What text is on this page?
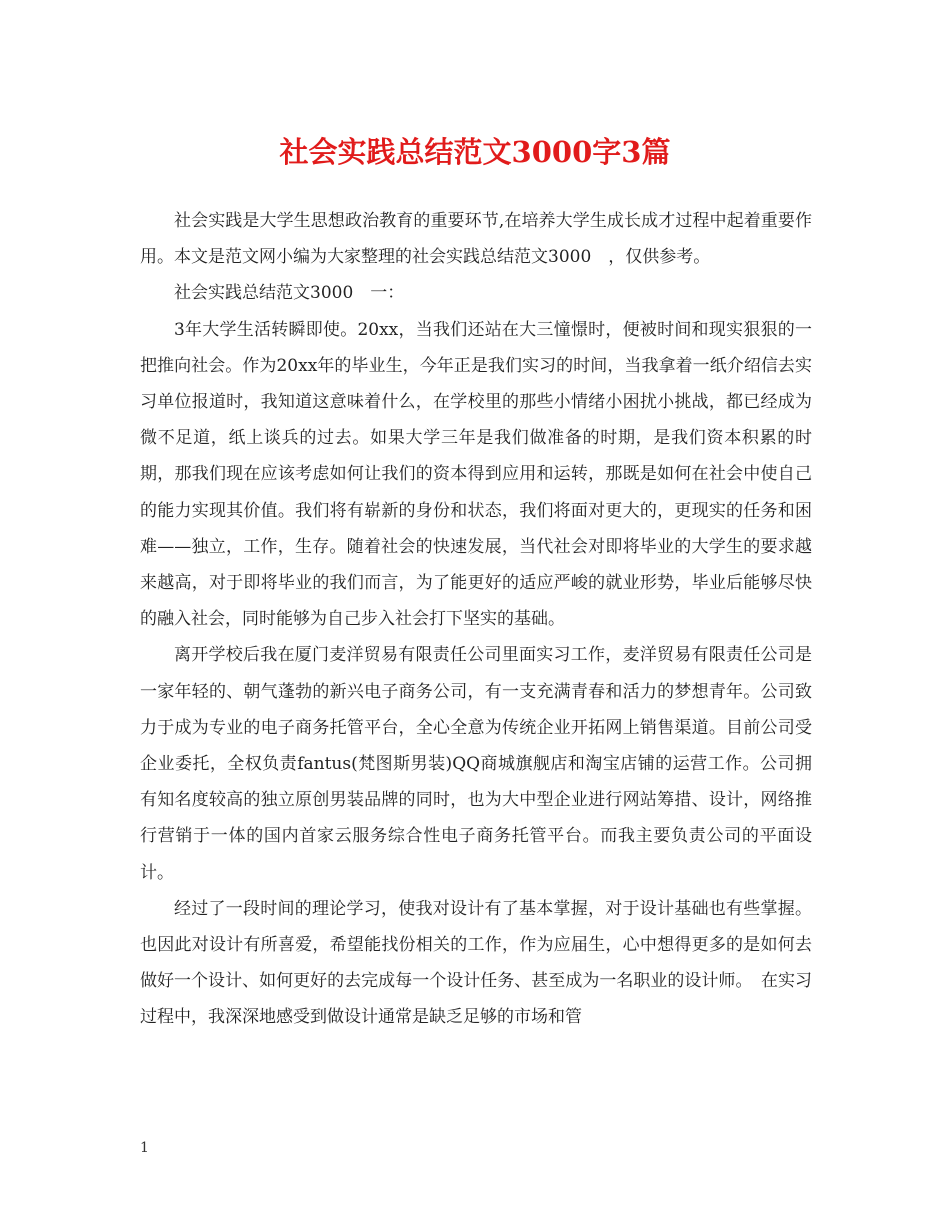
社会实践总结范文3000字3篇

社会实践是大学生思想政治教育的重要环节,在培养大学生成长成才过程中起着重要作用。本文是范文网小编为大家整理的社会实践总结范文3000　，仅供参考。

社会实践总结范文3000　一：

3年大学生活转瞬即使。20xx，当我们还站在大三憧憬时，便被时间和现实狠狠的一把推向社会。作为20xx年的毕业生，今年正是我们实习的时间，当我拿着一纸介绍信去实习单位报道时，我知道这意味着什么，在学校里的那些小情绪小困扰小挑战，都已经成为微不足道，纸上谈兵的过去。如果大学三年是我们做准备的时期，是我们资本积累的时期，那我们现在应该考虑如何让我们的资本得到应用和运转，那既是如何在社会中使自己的能力实现其价值。我们将有崭新的身份和状态，我们将面对更大的，更现实的任务和困难——独立，工作，生存。随着社会的快速发展，当代社会对即将毕业的大学生的要求越来越高，对于即将毕业的我们而言，为了能更好的适应严峻的就业形势，毕业后能够尽快的融入社会，同时能够为自己步入社会打下坚实的基础。

离开学校后我在厦门麦洋贸易有限责任公司里面实习工作，麦洋贸易有限责任公司是一家年轻的、朝气蓬勃的新兴电子商务公司，有一支充满青春和活力的梦想青年。公司致力于成为专业的电子商务托管平台，全心全意为传统企业开拓网上销售渠道。目前公司受企业委托，全权负责fantus(梵图斯男装)QQ商城旗舰店和淘宝店铺的运营工作。公司拥有知名度较高的独立原创男装品牌的同时，也为大中型企业进行网站筹措、设计，网络推行营销于一体的国内首家云服务综合性电子商务托管平台。而我主要负责公司的平面设计。

经过了一段时间的理论学习，使我对设计有了基本掌握，对于设计基础也有些掌握。也因此对设计有所喜爱，希望能找份相关的工作，作为应届生，心中想得更多的是如何去做好一个设计、如何更好的去完成每一个设计任务、甚至成为一名职业的设计师。　在实习过程中，我深深地感受到做设计通常是缺乏足够的市场和管

1
